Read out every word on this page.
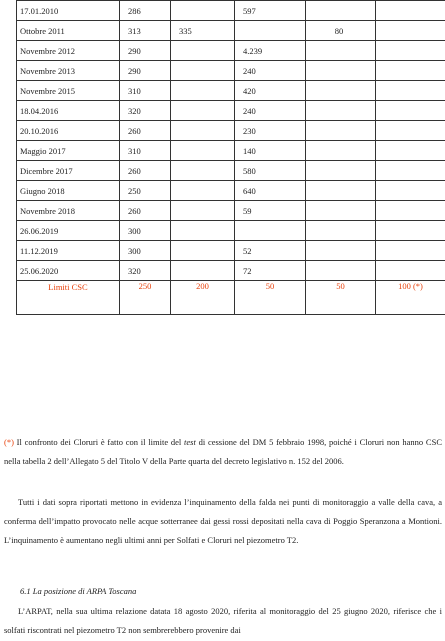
17.01.2010	286		597		
Ottobre 2011	313	335		80	
Novembre 2012	290		4.239		
Novembre 2013	290		240		
Novembre 2015	310		420		
18.04.2016	320		240		
20.10.2016	260		230		
Maggio 2017	310		140		
Dicembre 2017	260		580		
Giugno 2018	250		640		
Novembre 2018	260		59		
26.06.2019	300				
11.12.2019	300		52		
25.06.2020	320		72		
Limiti CSC	250	200	50	50	100 (*)

(*) Il confronto dei Cloruri è fatto con il limite del test di cessione del DM 5 febbraio 1998, poiché i Cloruri non hanno CSC nella tabella 2 dell’Allegato 5 del Titolo V della Parte quarta del decreto legislativo n. 152 del 2006.

Tutti i dati sopra riportati mettono in evidenza l’inquinamento della falda nei punti di monitoraggio a valle della cava, a conferma dell’impatto provocato nelle acque sotterranee dai gessi rossi depositati nella cava di Poggio Speranzona a Montioni. L’inquinamento è aumentano negli ultimi anni per Solfati e Cloruri nel piezometro T2.

6.1 La posizione di ARPA Toscana

L’ARPAT, nella sua ultima relazione datata 18 agosto 2020, riferita al monitoraggio del 25 giugno 2020, riferisce che i solfati riscontrati nel piezometro T2 non sembrerebbero provenire dai
